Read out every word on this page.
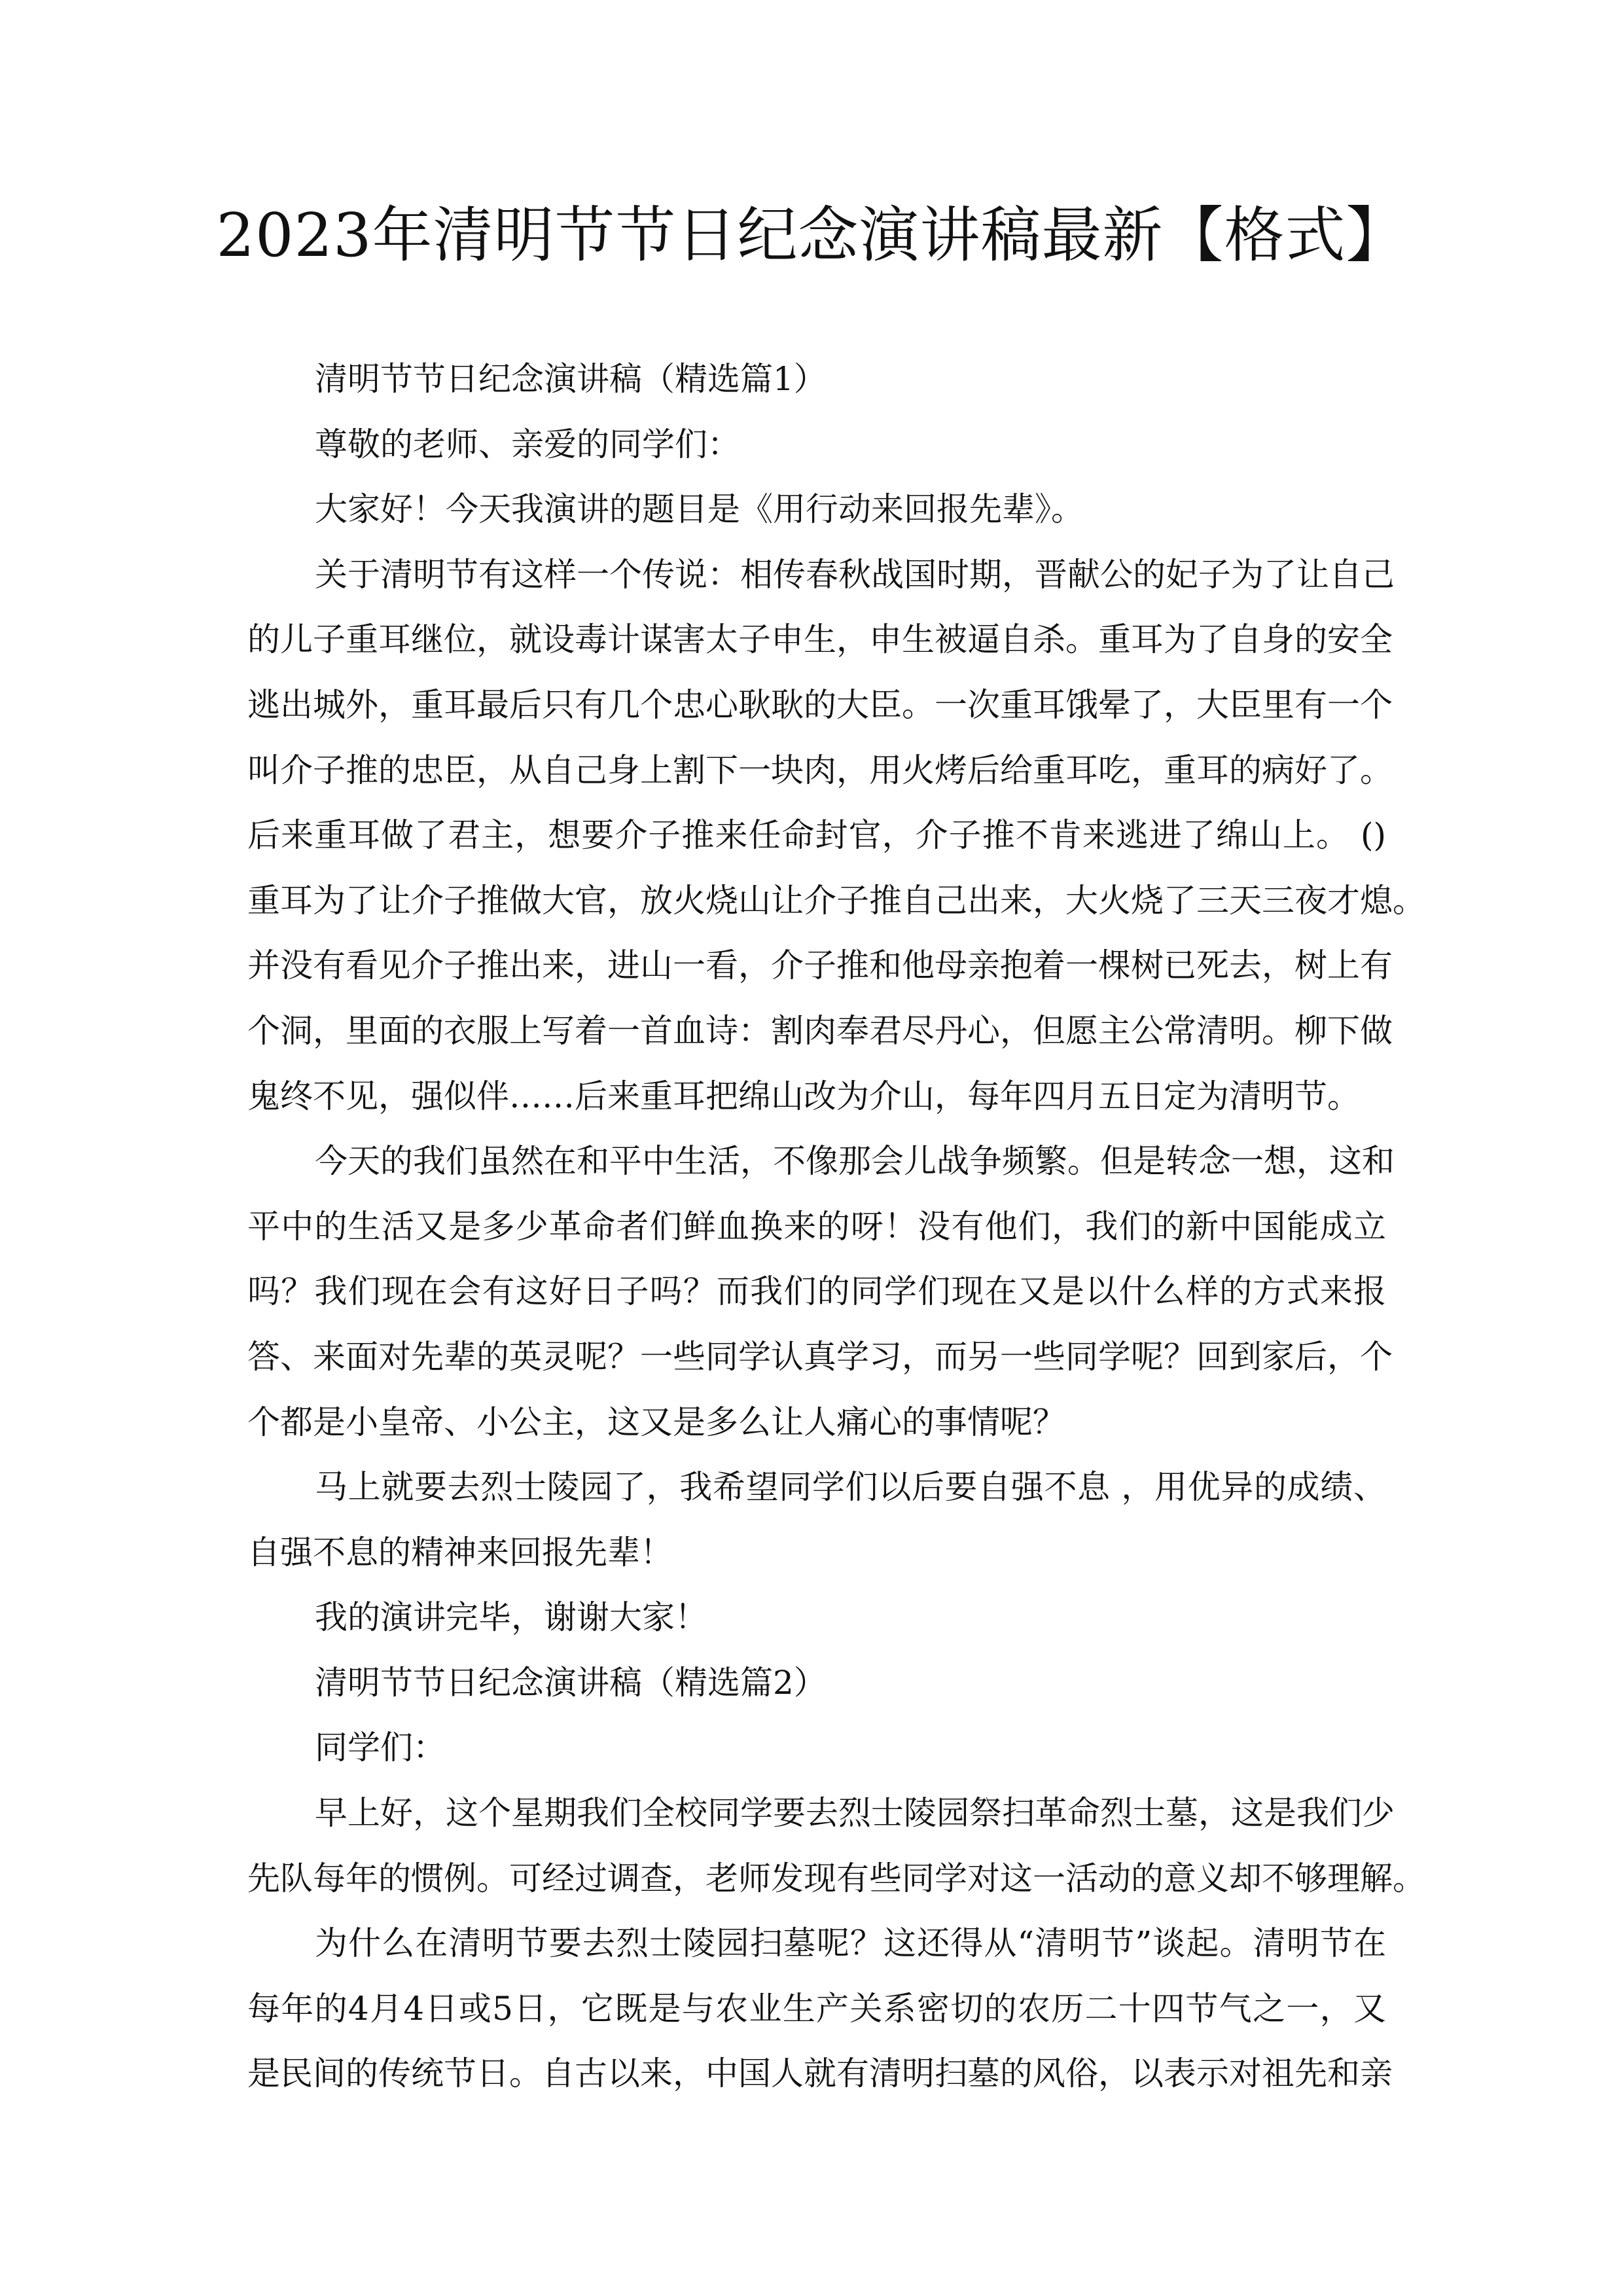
2023年清明节节日纪念演讲稿最新【格式】
清明节节日纪念演讲稿（精选篇1）
尊敬的老师、亲爱的同学们：
大家好！今天我演讲的题目是《用行动来回报先辈》。
关于清明节有这样一个传说：相传春秋战国时期，晋献公的妃子为了让自己
的儿子重耳继位，就设毒计谋害太子申生，申生被逼自杀。重耳为了自身的安全
逃出城外，重耳最后只有几个忠心耿耿的大臣。一次重耳饿晕了，大臣里有一个
叫介子推的忠臣，从自己身上割下一块肉，用火烤后给重耳吃，重耳的病好了。
后来重耳做了君主，想要介子推来任命封官，介子推不肯来逃进了绵山上。 ()
重耳为了让介子推做大官，放火烧山让介子推自己出来，大火烧了三天三夜才熄。
并没有看见介子推出来，进山一看，介子推和他母亲抱着一棵树已死去，树上有
个洞，里面的衣服上写着一首血诗：割肉奉君尽丹心，但愿主公常清明。柳下做
鬼终不见，强似伴……后来重耳把绵山改为介山，每年四月五日定为清明节。
今天的我们虽然在和平中生活，不像那会儿战争频繁。但是转念一想，这和
平中的生活又是多少革命者们鲜血换来的呀！没有他们，我们的新中国能成立
吗？我们现在会有这好日子吗？而我们的同学们现在又是以什么样的方式来报
答、来面对先辈的英灵呢？一些同学认真学习，而另一些同学呢？回到家后，个
个都是小皇帝、小公主，这又是多么让人痛心的事情呢？
马上就要去烈士陵园了，我希望同学们以后要自强不息 ，用优异的成绩、
自强不息的精神来回报先辈！
我的演讲完毕，谢谢大家！
清明节节日纪念演讲稿（精选篇2）
同学们：
早上好，这个星期我们全校同学要去烈士陵园祭扫革命烈士墓，这是我们少
先队每年的惯例。可经过调查，老师发现有些同学对这一活动的意义却不够理解。
为什么在清明节要去烈士陵园扫墓呢？这还得从“清明节”谈起。清明节在
每年的4月4日或5日，它既是与农业生产关系密切的农历二十四节气之一，又
是民间的传统节日。自古以来，中国人就有清明扫墓的风俗，以表示对祖先和亲
